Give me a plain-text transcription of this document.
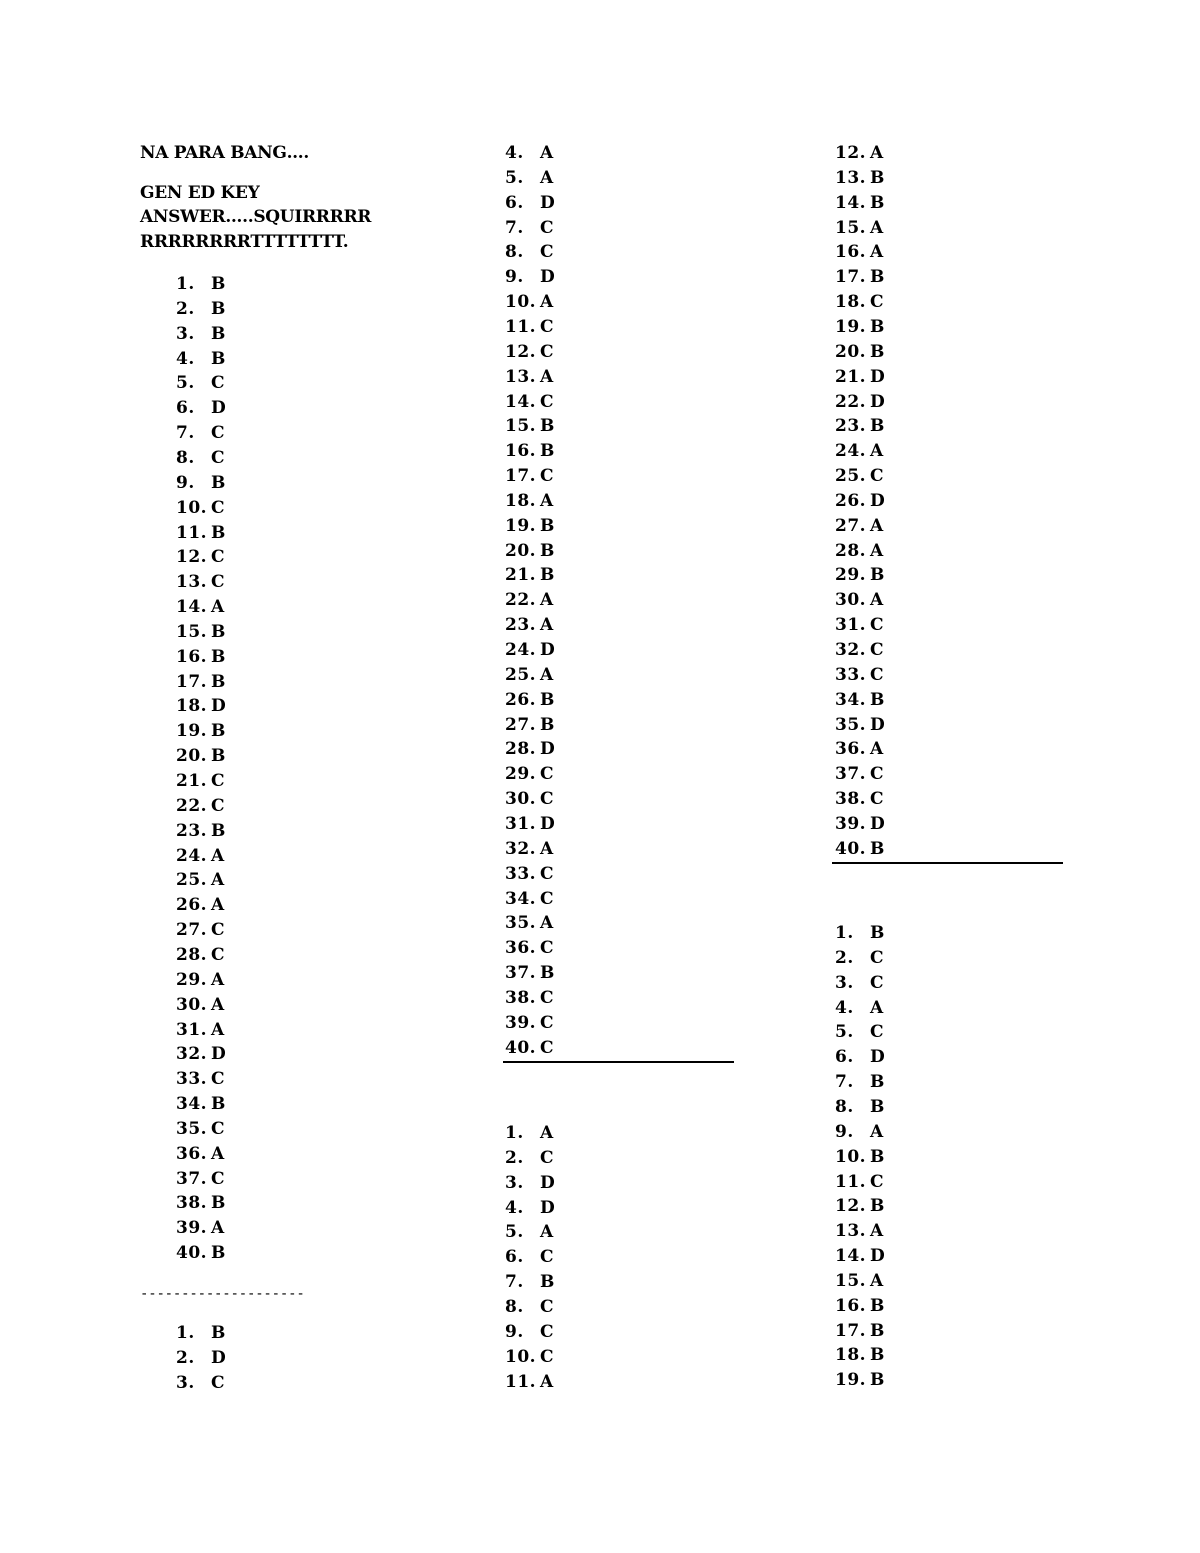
NA PARA BANG….
GEN ED KEY
ANSWER…..SQUIRRRRR
RRRRRRRRTTTTTTTT.
1. B
2. B
3. B
4. B
5. C
6. D
7. C
8. C
9. B
10. C
11. B
12. C
13. C
14. A
15. B
16. B
17. B
18. D
19. B
20. B
21. C
22. C
23. B
24. A
25. A
26. A
27. C
28. C
29. A
30. A
31. A
32. D
33. C
34. B
35. C
36. A
37. C
38. B
39. A
40. B
1. B
2. D
3. C
4. A
5. A
6. D
7. C
8. C
9. D
10. A
11. C
12. C
13. A
14. C
15. B
16. B
17. C
18. A
19. B
20. B
21. B
22. A
23. A
24. D
25. A
26. B
27. B
28. D
29. C
30. C
31. D
32. A
33. C
34. C
35. A
36. C
37. B
38. C
39. C
40. C
1. A
2. C
3. D
4. D
5. A
6. C
7. B
8. C
9. C
10. C
11. A
12. A
13. B
14. B
15. A
16. A
17. B
18. C
19. B
20. B
21. D
22. D
23. B
24. A
25. C
26. D
27. A
28. A
29. B
30. A
31. C
32. C
33. C
34. B
35. D
36. A
37. C
38. C
39. D
40. B
1. B
2. C
3. C
4. A
5. C
6. D
7. B
8. B
9. A
10. B
11. C
12. B
13. A
14. D
15. A
16. B
17. B
18. B
19. B
--------------------
